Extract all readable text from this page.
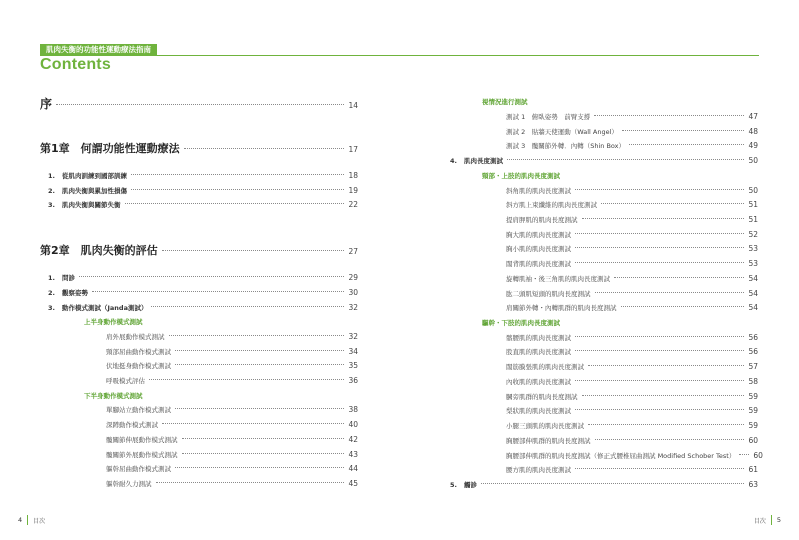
肌肉失衡的功能性運動療法指南
Contents
序	14
第1章　何謂功能性運動療法	17
1.	從肌肉訓練到國部訓練	18
2.	肌肉失衡與累加性損傷	19
3.	肌肉失衡與關節失衡	22
第2章　肌肉失衡的評估	27
1.	問診	29
2.	觀察姿勢	30
3.	動作模式測試（Janda測試）	32
上半身動作模式測試
肩外展動作模式測試	32
頸部屈曲動作模式測試	34
伏地挺身動作模式測試	35
呼吸模式評估	36
下半身動作模式測試
單腳站立動作模式測試	38
深蹲動作模式測試	40
髖關節伸展動作模式測試	42
髖關節外展動作模式測試	43
軀幹屈曲動作模式測試	44
軀幹耐久力測試	45
視情況進行測試
測試 1　俯臥姿勢　前臂支撐	47
測試 2　貼牆天使運動（Wall Angel）	48
測試 3　髖關節外轉．內轉（Shin Box）	49
4.	肌肉長度測試	50
頸部・上肢的肌肉長度測試
斜角肌的肌肉長度測試	50
斜方肌上束纖維的肌肉長度測試	51
提肩胛肌的肌肉長度測試	51
胸大肌的肌肉長度測試	52
胸小肌的肌肉長度測試	53
闊背肌的肌肉長度測試	53
旋轉肌袖・後三角肌的肌肉長度測試	54
肱二頭肌短頭的肌肉長度測試	54
肩關節外轉・內轉肌群的肌肉長度測試	54
驅幹・下肢的肌肉長度測試
髂腰肌的肌肉長度測試	56
股直肌的肌肉長度測試	56
闊筋膜張肌的肌肉長度測試	57
內收肌的肌肉長度測試	58
膕旁肌群的肌肉長度測試	59
梨狀肌的肌肉長度測試	59
小腿三頭肌的肌肉長度測試	59
胸腰部伸肌群的肌肉長度測試	60
胸腰部伸肌群的肌肉長度測試（修正式腰椎屈曲測試 Modified Schober Test） 60
腰方肌的肌肉長度測試	61
5.	觸診	63
4 目次	目次 5
